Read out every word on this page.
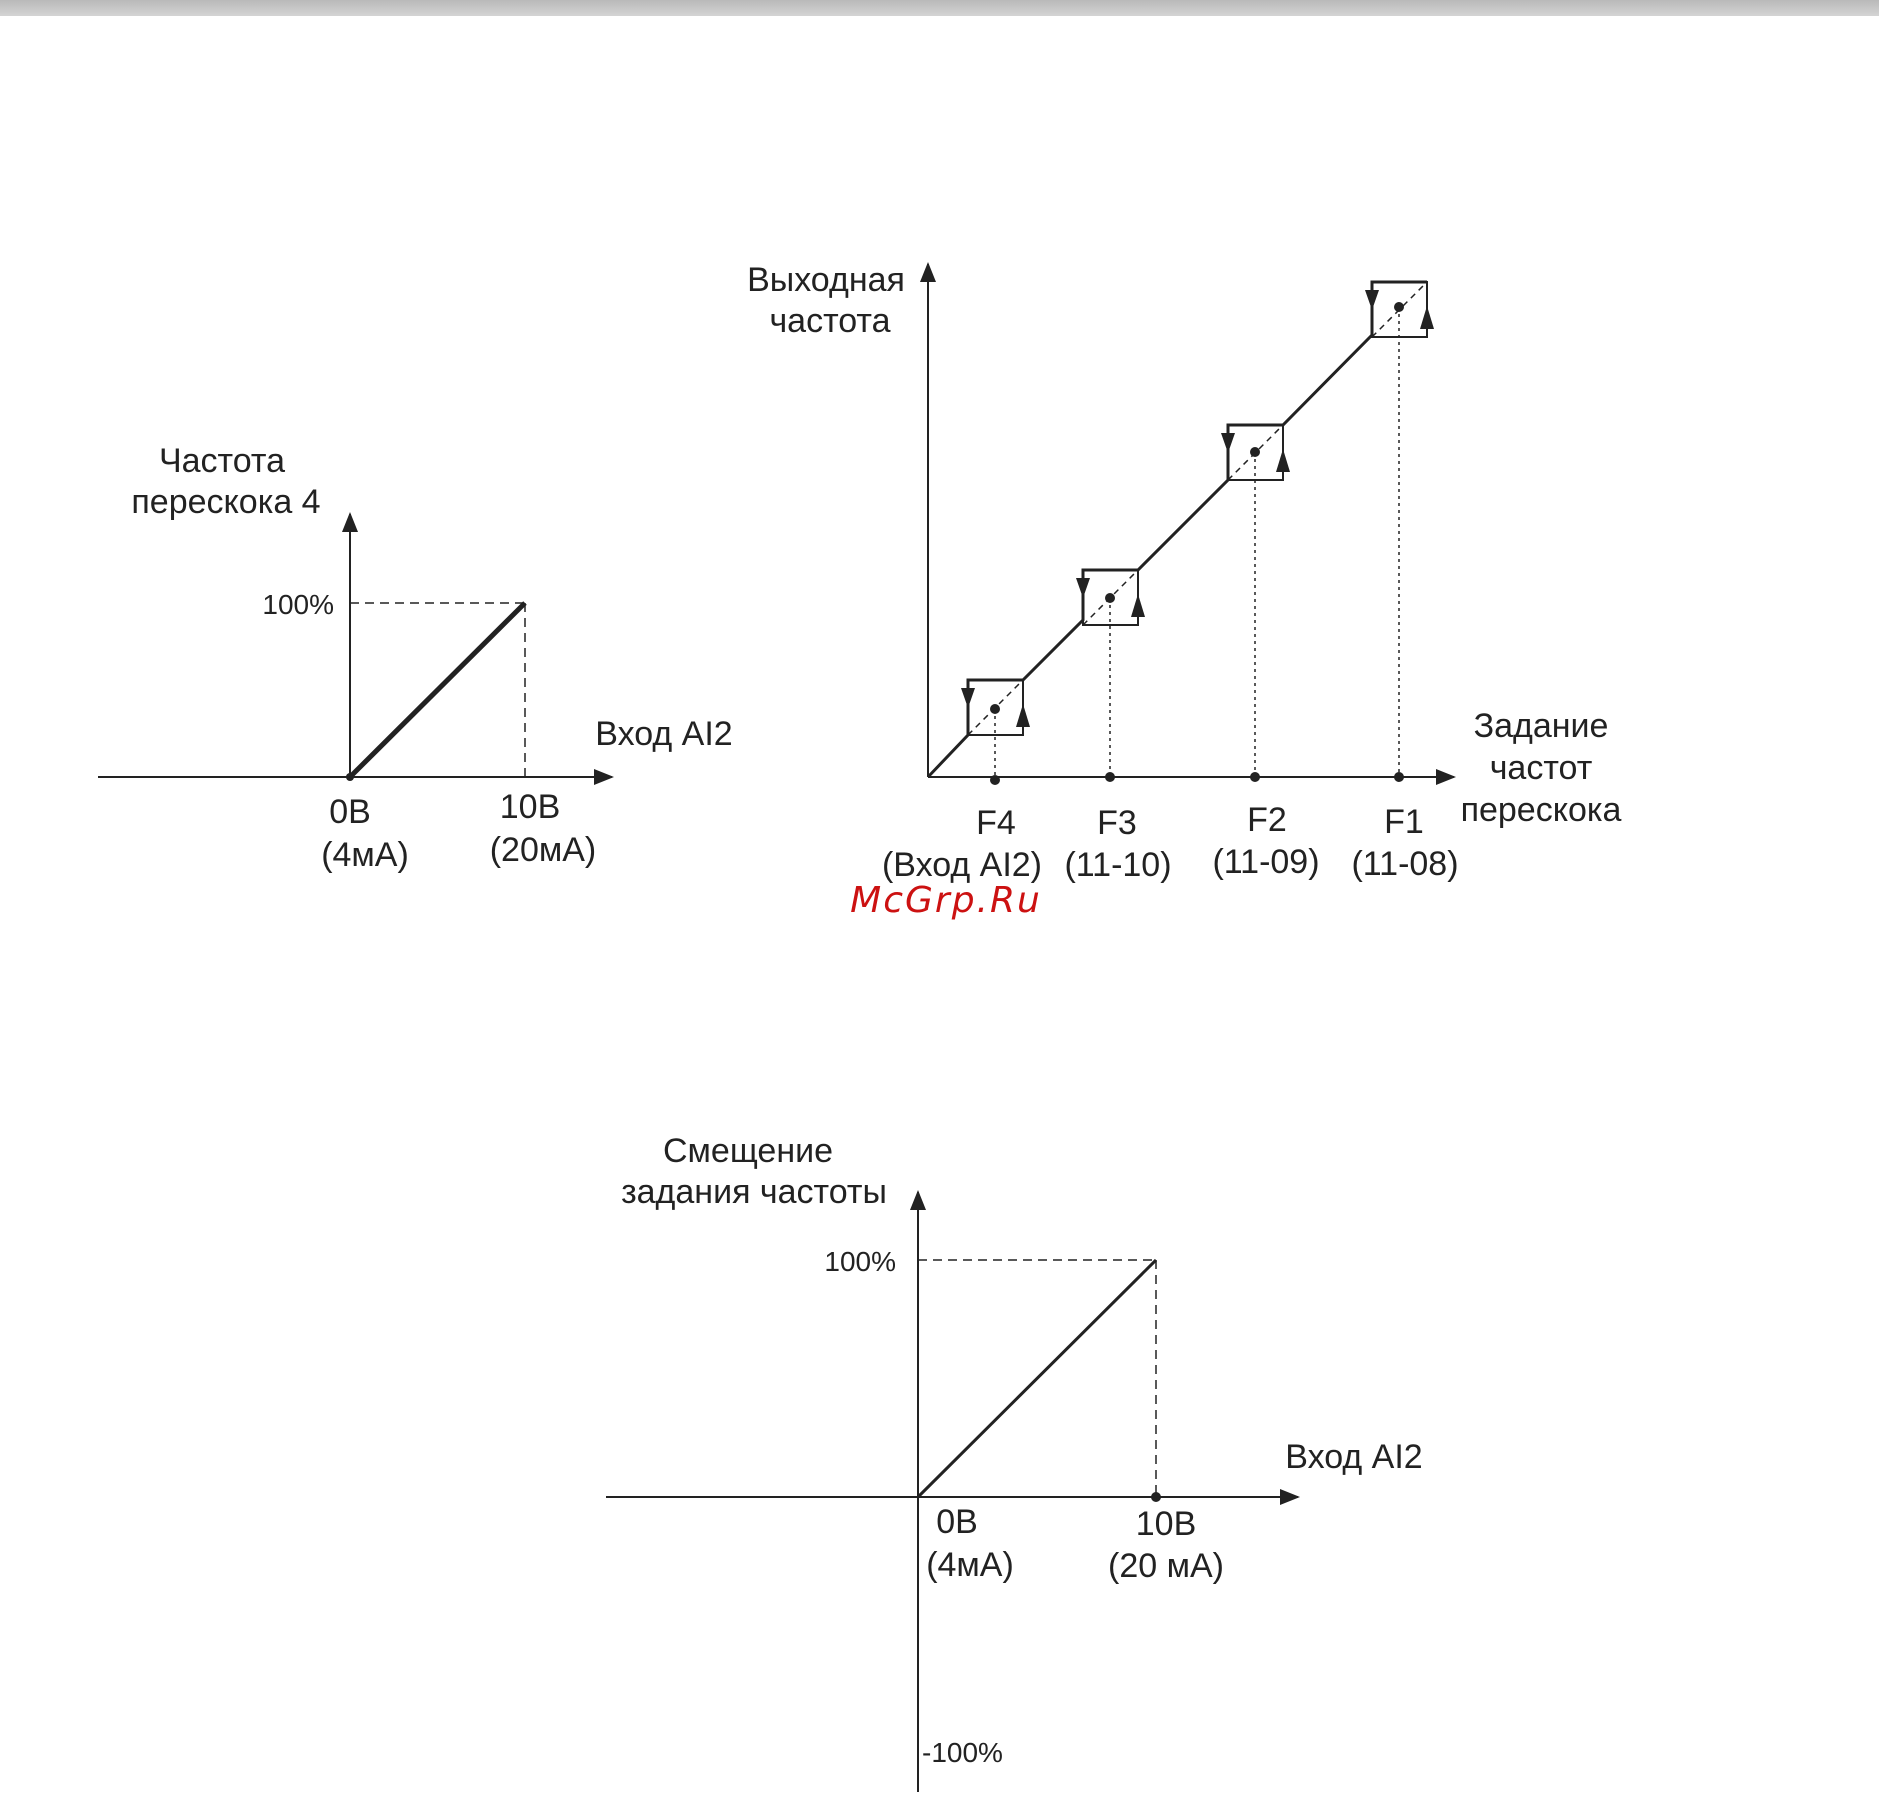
Частота
перескока 4
100%
Вход AI2
0В
(4мА)
10В
(20мА)
Выходная
частота
Задание
частот
перескока
F4
(Вход AI2)
F3
(11-10)
F2
(11-09)
F1
(11-08)
McGrp.Ru
Смещение
задания частоты
100%
-100%
Вход AI2
0В
(4мА)
10В
(20 мА)
